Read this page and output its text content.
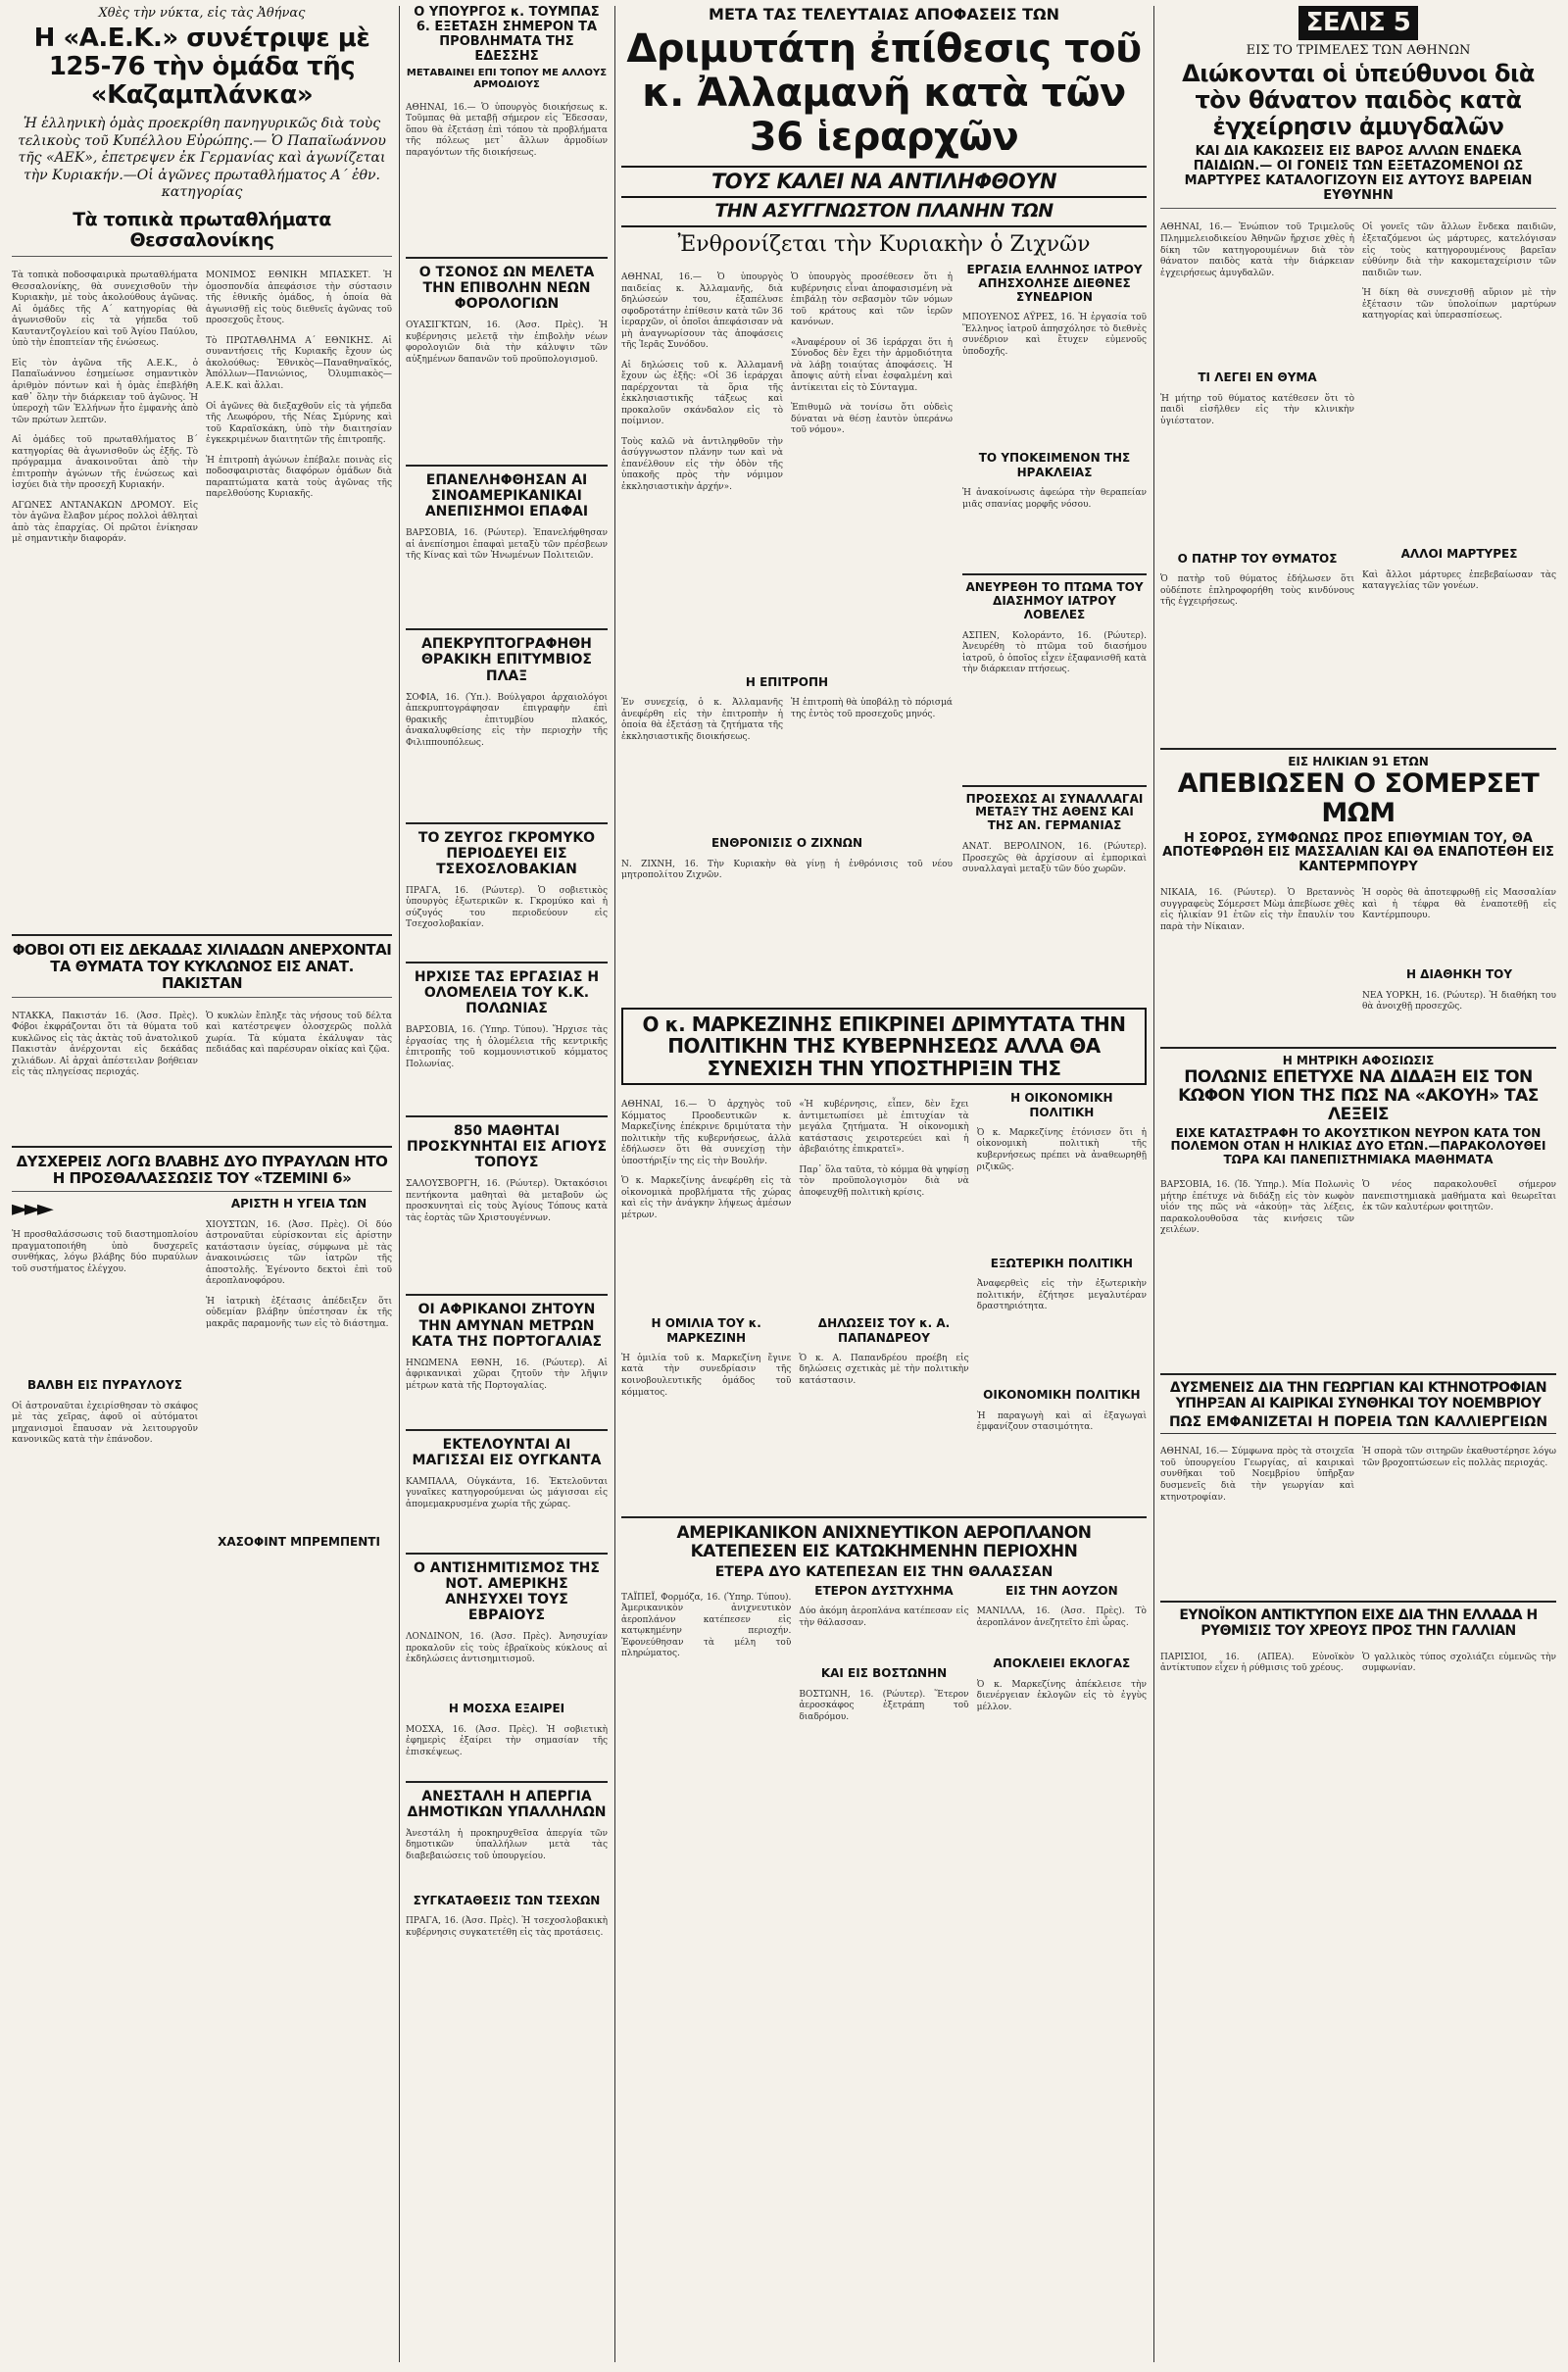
Χθὲς τὴν νύκτα, εἰς τὰς Ἀθήνας
Η «Α.Ε.Κ.» συνέτριψε μὲ 125-76 τὴν ὁμάδα τῆς «Καζαμπλάνκα»
Ἡ ἑλληνικὴ ὁμὰς προεκρίθη πανηγυρικῶς διὰ τοὺς τελικοὺς τοῦ Κυπέλλου Εὐρώπης.— Ὁ Παπαϊωάννου τῆς «ΑΕΚ», ἐπετρεψεν ἐκ Γερμανίας καὶ ἀγωνίζεται τὴν Κυριακήν.—Οἱ ἀγῶνες πρωταθλήματος Α΄ ἐθν. κατηγορίας
Τὰ τοπικὰ πρωταθλήματα Θεσσαλονίκης

Τὰ τοπικὰ ποδοσφαιρικὰ πρωταθλήματα Θεσσαλονίκης, θὰ συνεχισθοῦν τὴν Κυριακὴν, μὲ τοὺς ἀκολούθους ἀγῶνας. Αἱ ὁμάδες τῆς Α΄ κατηγορίας θὰ ἀγωνισθοῦν εἰς τὰ γήπεδα τοῦ Καυταντζογλείου καὶ τοῦ Ἁγίου Παύλου, ὑπὸ τὴν ἐποπτείαν τῆς ἐνώσεως.

Εἰς τὸν ἀγῶνα τῆς Α.Ε.Κ., ὁ Παπαϊωάννου ἐσημείωσε σημαντικὸν ἀριθμὸν πόντων καὶ ἡ ὁμὰς ἐπεβλήθη καθ᾿ ὅλην τὴν διάρκειαν τοῦ ἀγῶνος. Ἡ ὑπεροχὴ τῶν Ἑλλήνων ἦτο ἐμφανὴς ἀπὸ τῶν πρώτων λεπτῶν.

Αἱ ὁμάδες τοῦ πρωταθλήματος Β΄ κατηγορίας θὰ ἀγωνισθοῦν ὡς ἑξῆς. Τὸ πρόγραμμα ἀνακοινοῦται ἀπὸ τὴν ἐπιτροπὴν ἀγώνων τῆς ἐνώσεως καὶ ἰσχύει διὰ τὴν προσεχῆ Κυριακήν.

ΑΓΩΝΕΣ ΑΝΤΑΝΑΚΩΝ ΔΡΟΜΟΥ. Εἰς τὸν ἀγῶνα ἔλαβον μέρος πολλοὶ ἀθληταὶ ἀπὸ τὰς ἐπαρχίας. Οἱ πρῶτοι ἐνίκησαν μὲ σημαντικὴν διαφοράν.

ΜΟΝΙΜΟΣ ΕΘΝΙΚΗ ΜΠΑΣΚΕΤ. Ἡ ὁμοσπονδία ἀπεφάσισε τὴν σύστασιν τῆς ἐθνικῆς ὁμάδος, ἡ ὁποία θὰ ἀγωνισθῇ εἰς τοὺς διεθνεῖς ἀγῶνας τοῦ προσεχοῦς ἔτους.

Τὸ ΠΡΩΤΑΘΛΗΜΑ Α΄ ΕΘΝΙΚΗΣ. Αἱ συναντήσεις τῆς Κυριακῆς ἔχουν ὡς ἀκολούθως: Ἐθνικὸς—Παναθηναϊκός, Ἀπόλλων—Πανιώνιος, Ὀλυμπιακὸς—Α.Ε.Κ. καὶ ἄλλαι.

Οἱ ἀγῶνες θὰ διεξαχθοῦν εἰς τὰ γήπεδα τῆς Λεωφόρου, τῆς Νέας Σμύρνης καὶ τοῦ Καραϊσκάκη, ὑπὸ τὴν διαιτησίαν ἐγκεκριμένων διαιτητῶν τῆς ἐπιτροπῆς.

Ἡ ἐπιτροπὴ ἀγώνων ἐπέβαλε ποινὰς εἰς ποδοσφαιριστὰς διαφόρων ὁμάδων διὰ παραπτώματα κατὰ τοὺς ἀγῶνας τῆς παρελθούσης Κυριακῆς.

ΦΟΒΟΙ ΟΤΙ ΕΙΣ ΔΕΚΑΔΑΣ ΧΙΛΙΑΔΩΝ ΑΝΕΡΧΟΝΤΑΙ ΤΑ ΘΥΜΑΤΑ ΤΟΥ ΚΥΚΛΩΝΟΣ ΕΙΣ ΑΝΑΤ. ΠΑΚΙΣΤΑΝ

ΝΤΑΚΚΑ, Πακιστάν 16. (Ἀσσ. Πρὲς). Φόβοι ἐκφράζονται ὅτι τὰ θύματα τοῦ κυκλῶνος εἰς τὰς ἀκτὰς τοῦ ἀνατολικοῦ Πακιστὰν ἀνέρχονται εἰς δεκάδας χιλιάδων. Αἱ ἀρχαὶ ἀπέστειλαν βοήθειαν εἰς τὰς πληγείσας περιοχάς.

Ὁ κυκλὼν ἔπληξε τὰς νήσους τοῦ δέλτα καὶ κατέστρεψεν ὁλοσχερῶς πολλὰ χωρία. Τὰ κύματα ἐκάλυψαν τὰς πεδιάδας καὶ παρέσυραν οἰκίας καὶ ζῷα.

ΔΥΣΧΕΡΕΙΣ ΛΟΓΩ ΒΛΑΒΗΣ ΔΥΟ ΠΥΡΑΥΛΩΝ ΗΤΟ Η ΠΡΟΣΘΑΛΑΣΣΩΣΙΣ ΤΟΥ «ΤΖΕΜΙΝΙ 6»
►►►

Ἡ προσθαλάσσωσις τοῦ διαστημοπλοίου πραγματοποιήθη ὑπὸ δυσχερεῖς συνθήκας, λόγω βλάβης δύο πυραύλων τοῦ συστήματος ἐλέγχου.

ΒΑΛΒΗ ΕΙΣ ΠΥΡΑΥΛΟΥΣ

Οἱ ἀστροναῦται ἐχειρίσθησαν τὸ σκάφος μὲ τὰς χεῖρας, ἀφοῦ οἱ αὐτόματοι μηχανισμοὶ ἔπαυσαν νὰ λειτουργοῦν κανονικῶς κατὰ τὴν ἐπάνοδον.

ΑΡΙΣΤΗ Η ΥΓΕΙΑ ΤΩΝ

ΧΙΟΥΣΤΩΝ, 16. (Ἀσσ. Πρὲς). Οἱ δύο ἀστροναῦται εὑρίσκονται εἰς ἀρίστην κατάστασιν ὑγείας, σύμφωνα μὲ τὰς ἀνακοινώσεις τῶν ἰατρῶν τῆς ἀποστολῆς. Ἐγένοντο δεκτοὶ ἐπὶ τοῦ ἀεροπλανοφόρου.

Ἡ ἰατρικὴ ἐξέτασις ἀπέδειξεν ὅτι οὐδεμίαν βλάβην ὑπέστησαν ἐκ τῆς μακρᾶς παραμονῆς των εἰς τὸ διάστημα.

ΧΑΣΟΦΙΝΤ ΜΠΡΕΜΠΕΝΤΙ
Ο ΥΠΟΥΡΓΟΣ κ. ΤΟΥΜΠΑΣ 6. ΕΞΕΤΑΣΗ ΣΗΜΕΡΟΝ ΤΑ ΠΡΟΒΛΗΜΑΤΑ ΤΗΣ ΕΔΕΣΣΗΣ
ΜΕΤΑΒΑΙΝΕΙ ΕΠΙ ΤΟΠΟΥ ΜΕ ΑΛΛΟΥΣ ΑΡΜΟΔΙΟΥΣ

ΑΘΗΝΑΙ, 16.— Ὁ ὑπουργὸς διοικήσεως κ. Τοῦμπας θὰ μεταβῇ σήμερον εἰς Ἔδεσσαν, ὅπου θὰ ἐξετάσῃ ἐπὶ τόπου τὰ προβλήματα τῆς πόλεως μετ᾿ ἄλλων ἁρμοδίων παραγόντων τῆς διοικήσεως.

Ο ΤΣΟΝΟΣ ΩΝ ΜΕΛΕΤΑ ΤΗΝ ΕΠΙΒΟΛΗΝ ΝΕΩΝ ΦΟΡΟΛΟΓΙΩΝ

ΟΥΑΣΙΓΚΤΩΝ, 16. (Ἀσσ. Πρὲς). Ἡ κυβέρνησις μελετᾷ τὴν ἐπιβολὴν νέων φορολογιῶν διὰ τὴν κάλυψιν τῶν αὐξημένων δαπανῶν τοῦ προϋπολογισμοῦ.

ΕΠΑΝΕΛΗΦΘΗΣΑΝ ΑΙ ΣΙΝΟΑΜΕΡΙΚΑΝΙΚΑΙ ΑΝΕΠΙΣΗΜΟΙ ΕΠΑΦΑΙ

ΒΑΡΣΟΒΙΑ, 16. (Ρώυτερ). Ἐπανελήφθησαν αἱ ἀνεπίσημοι ἐπαφαὶ μεταξὺ τῶν πρέσβεων τῆς Κίνας καὶ τῶν Ἡνωμένων Πολιτειῶν.

ΑΠΕΚΡΥΠΤΟΓΡΑΦΗΘΗ ΘΡΑΚΙΚΗ ΕΠΙΤΥΜΒΙΟΣ ΠΛΑΞ

ΣΟΦΙΑ, 16. (Ὑπ.). Βούλγαροι ἀρχαιολόγοι ἀπεκρυπτογράφησαν ἐπιγραφὴν ἐπὶ θρακικῆς ἐπιτυμβίου πλακός, ἀνακαλυφθείσης εἰς τὴν περιοχὴν τῆς Φιλιππουπόλεως.

ΤΟ ΖΕΥΓΟΣ ΓΚΡΟΜΥΚΟ ΠΕΡΙΟΔΕΥΕΙ ΕΙΣ ΤΣΕΧΟΣΛΟΒΑΚΙΑΝ

ΠΡΑΓΑ, 16. (Ρώυτερ). Ὁ σοβιετικὸς ὑπουργὸς ἐξωτερικῶν κ. Γκρομύκο καὶ ἡ σύζυγός του περιοδεύουν εἰς Τσεχοσλοβακίαν.

ΗΡΧΙΣΕ ΤΑΣ ΕΡΓΑΣΙΑΣ Η ΟΛΟΜΕΛΕΙΑ ΤΟΥ Κ.Κ. ΠΟΛΩΝΙΑΣ

ΒΑΡΣΟΒΙΑ, 16. (Ὑπηρ. Τύπου). Ἤρχισε τὰς ἐργασίας της ἡ ὁλομέλεια τῆς κεντρικῆς ἐπιτροπῆς τοῦ κομμουνιστικοῦ κόμματος Πολωνίας.

850 ΜΑΘΗΤΑΙ ΠΡΟΣΚΥΝΗΤΑΙ ΕΙΣ ΑΓΙΟΥΣ ΤΟΠΟΥΣ

ΣΑΛΟΥΣΒΟΡΓΗ, 16. (Ρώυτερ). Ὀκτακόσιοι πεντήκοντα μαθηταὶ θὰ μεταβοῦν ὡς προσκυνηταὶ εἰς τοὺς Ἁγίους Τόπους κατὰ τὰς ἑορτὰς τῶν Χριστουγέννων.

ΟΙ ΑΦΡΙΚΑΝΟΙ ΖΗΤΟΥΝ ΤΗΝ ΑΜΥΝΑΝ ΜΕΤΡΩΝ ΚΑΤΑ ΤΗΣ ΠΟΡΤΟΓΑΛΙΑΣ

ΗΝΩΜΕΝΑ ΕΘΝΗ, 16. (Ρώυτερ). Αἱ ἀφρικανικαὶ χῶραι ζητοῦν τὴν λῆψιν μέτρων κατὰ τῆς Πορτογαλίας.

ΕΚΤΕΛΟΥΝΤΑΙ ΑΙ ΜΑΓΙΣΣΑΙ ΕΙΣ ΟΥΓΚΑΝΤΑ

ΚΑΜΠΑΛΑ, Οὐγκάντα, 16. Ἐκτελοῦνται γυναῖκες κατηγορούμεναι ὡς μάγισσαι εἰς ἀπομεμακρυσμένα χωρία τῆς χώρας.

Ο ΑΝΤΙΣΗΜΙΤΙΣΜΟΣ ΤΗΣ ΝΟΤ. ΑΜΕΡΙΚΗΣ ΑΝΗΣΥΧΕΙ ΤΟΥΣ ΕΒΡΑΙΟΥΣ

ΛΟΝΔΙΝΟΝ, 16. (Ἀσσ. Πρὲς). Ἀνησυχίαν προκαλοῦν εἰς τοὺς ἑβραϊκοὺς κύκλους αἱ ἐκδηλώσεις ἀντισημιτισμοῦ.

Η ΜΟΣΧΑ ΕΞΑΙΡΕΙ

ΜΟΣΧΑ, 16. (Ἀσσ. Πρὲς). Ἡ σοβιετικὴ ἐφημερὶς ἐξαίρει τὴν σημασίαν τῆς ἐπισκέψεως.

ΑΝΕΣΤΑΛΗ Η ΑΠΕΡΓΙΑ ΔΗΜΟΤΙΚΩΝ ΥΠΑΛΛΗΛΩΝ

Ἀνεστάλη ἡ προκηρυχθεῖσα ἀπεργία τῶν δημοτικῶν ὑπαλλήλων μετὰ τὰς διαβεβαιώσεις τοῦ ὑπουργείου.

ΣΥΓΚΑΤΑΘΕΣΙΣ ΤΩΝ ΤΣΕΧΩΝ

ΠΡΑΓΑ, 16. (Ἀσσ. Πρὲς). Ἡ τσεχοσλοβακικὴ κυβέρνησις συγκατετέθη εἰς τὰς προτάσεις.

ΜΕΤΑ ΤΑΣ ΤΕΛΕΥΤΑΙΑΣ ΑΠΟΦΑΣΕΙΣ ΤΩΝ
Δριμυτάτη ἐπίθεσις τοῦ κ. Ἀλλαμανῆ κατὰ τῶν 36 ἱεραρχῶν
ΤΟΥΣ ΚΑΛΕΙ ΝΑ ΑΝΤΙΛΗΦΘΟΥΝ
ΤΗΝ ΑΣΥΓΓΝΩΣΤΟΝ ΠΛΑΝΗΝ ΤΩΝ
Ἐνθρονίζεται τὴν Κυριακὴν ὁ Ζιχνῶν

ΑΘΗΝΑΙ, 16.— Ὁ ὑπουργὸς παιδείας κ. Ἀλλαμανῆς, διὰ δηλώσεών του, ἐξαπέλυσε σφοδροτάτην ἐπίθεσιν κατὰ τῶν 36 ἱεραρχῶν, οἱ ὁποῖοι ἀπεφάσισαν νὰ μὴ ἀναγνωρίσουν τὰς ἀποφάσεις τῆς Ἱερᾶς Συνόδου.

Αἱ δηλώσεις τοῦ κ. Ἀλλαμανῆ ἔχουν ὡς ἑξῆς: «Οἱ 36 ἱεράρχαι παρέρχονται τὰ ὅρια τῆς ἐκκλησιαστικῆς τάξεως καὶ προκαλοῦν σκάνδαλον εἰς τὸ ποίμνιον.

Τοὺς καλῶ νὰ ἀντιληφθοῦν τὴν ἀσύγγνωστον πλάνην των καὶ νὰ ἐπανέλθουν εἰς τὴν ὁδὸν τῆς ὑπακοῆς πρὸς τὴν νόμιμον ἐκκλησιαστικὴν ἀρχήν».

Ὁ ὑπουργὸς προσέθεσεν ὅτι ἡ κυβέρνησις εἶναι ἀποφασισμένη νὰ ἐπιβάλῃ τὸν σεβασμὸν τῶν νόμων τοῦ κράτους καὶ τῶν ἱερῶν κανόνων.

«Ἀναφέρουν οἱ 36 ἱεράρχαι ὅτι ἡ Σύνοδος δὲν ἔχει τὴν ἁρμοδιότητα νὰ λάβῃ τοιαύτας ἀποφάσεις. Ἡ ἄποψις αὐτὴ εἶναι ἐσφαλμένη καὶ ἀντίκειται εἰς τὸ Σύνταγμα.

Ἐπιθυμῶ νὰ τονίσω ὅτι οὐδεὶς δύναται νὰ θέσῃ ἑαυτὸν ὑπεράνω τοῦ νόμου».

Η ΕΠΙΤΡΟΠΗ

Ἐν συνεχείᾳ, ὁ κ. Ἀλλαμανῆς ἀνεφέρθη εἰς τὴν ἐπιτροπὴν ἡ ὁποία θὰ ἐξετάσῃ τὰ ζητήματα τῆς ἐκκλησιαστικῆς διοικήσεως.

Ἡ ἐπιτροπὴ θὰ ὑποβάλῃ τὸ πόρισμά της ἐντὸς τοῦ προσεχοῦς μηνός.

ΕΝΘΡΟΝΙΣΙΣ Ο ΖΙΧΝΩΝ

Ν. ΖΙΧΝΗ, 16. Τὴν Κυριακὴν θὰ γίνῃ ἡ ἐνθρόνισις τοῦ νέου μητροπολίτου Ζιχνῶν.

ΕΡΓΑΣΙΑ ΕΛΛΗΝΟΣ ΙΑΤΡΟΥ ΑΠΗΣΧΟΛΗΣΕ ΔΙΕΘΝΕΣ ΣΥΝΕΔΡΙΟΝ

ΜΠΟΥΕΝΟΣ ΑΫΡΕΣ, 16. Ἡ ἐργασία τοῦ Ἕλληνος ἰατροῦ ἀπησχόλησε τὸ διεθνὲς συνέδριον καὶ ἔτυχεν εὐμενοῦς ὑποδοχῆς.

ΤΟ ΥΠΟΚΕΙΜΕΝΟΝ ΤΗΣ ΗΡΑΚΛΕΙΑΣ

Ἡ ἀνακοίνωσις ἀφεώρα τὴν θεραπείαν μιᾶς σπανίας μορφῆς νόσου.

ΑΝΕΥΡΕΘΗ ΤΟ ΠΤΩΜΑ ΤΟΥ ΔΙΑΣΗΜΟΥ ΙΑΤΡΟΥ ΛΟΒΕΛΕΣ

ΑΣΠΕΝ, Κολοράντο, 16. (Ρώυτερ). Ἀνευρέθη τὸ πτῶμα τοῦ διασήμου ἰατροῦ, ὁ ὁποῖος εἶχεν ἐξαφανισθῆ κατὰ τὴν διάρκειαν πτήσεως.

ΠΡΟΣΕΧΩΣ ΑΙ ΣΥΝΑΛΛΑΓΑΙ ΜΕΤΑΞΥ ΤΗΣ ΑΘΕΝΣ ΚΑΙ ΤΗΣ ΑΝ. ΓΕΡΜΑΝΙΑΣ

ΑΝΑΤ. ΒΕΡΟΛΙΝΟΝ, 16. (Ρώυτερ). Προσεχῶς θὰ ἀρχίσουν αἱ ἐμπορικαὶ συναλλαγαὶ μεταξὺ τῶν δύο χωρῶν.

Ο κ. ΜΑΡΚΕΖΙΝΗΣ ΕΠΙΚΡΙΝΕΙ ΔΡΙΜΥΤΑΤΑ ΤΗΝ ΠΟΛΙΤΙΚΗΝ ΤΗΣ ΚΥΒΕΡΝΗΣΕΩΣ ΑΛΛΑ ΘΑ ΣΥΝΕΧΙΣΗ ΤΗΝ ΥΠΟΣΤΗΡΙΞΙΝ ΤΗΣ

ΑΘΗΝΑΙ, 16.— Ὁ ἀρχηγὸς τοῦ Κόμματος Προοδευτικῶν κ. Μαρκεζίνης ἐπέκρινε δριμύτατα τὴν πολιτικὴν τῆς κυβερνήσεως, ἀλλὰ ἐδήλωσεν ὅτι θὰ συνεχίσῃ τὴν ὑποστήριξίν της εἰς τὴν Βουλήν.

Ὁ κ. Μαρκεζίνης ἀνεφέρθη εἰς τὰ οἰκονομικὰ προβλήματα τῆς χώρας καὶ εἰς τὴν ἀνάγκην λήψεως ἀμέσων μέτρων.

Η ΟΜΙΛΙΑ ΤΟΥ κ. ΜΑΡΚΕΖΙΝΗ

Ἡ ὁμιλία τοῦ κ. Μαρκεζίνη ἔγινε κατὰ τὴν συνεδρίασιν τῆς κοινοβουλευτικῆς ὁμάδος τοῦ κόμματος.

«Ἡ κυβέρνησις, εἶπεν, δὲν ἔχει ἀντιμετωπίσει μὲ ἐπιτυχίαν τὰ μεγάλα ζητήματα. Ἡ οἰκονομικὴ κατάστασις χειροτερεύει καὶ ἡ ἀβεβαιότης ἐπικρατεῖ».

Παρ᾿ ὅλα ταῦτα, τὸ κόμμα θὰ ψηφίσῃ τὸν προϋπολογισμὸν διὰ νὰ ἀποφευχθῇ πολιτικὴ κρίσις.

ΔΗΛΩΣΕΙΣ ΤΟΥ κ. Α. ΠΑΠΑΝΔΡΕΟΥ

Ὁ κ. Α. Παπανδρέου προέβη εἰς δηλώσεις σχετικὰς μὲ τὴν πολιτικὴν κατάστασιν.

Η ΟΙΚΟΝΟΜΙΚΗ ΠΟΛΙΤΙΚΗ

Ὁ κ. Μαρκεζίνης ἐτόνισεν ὅτι ἡ οἰκονομικὴ πολιτικὴ τῆς κυβερνήσεως πρέπει νὰ ἀναθεωρηθῇ ριζικῶς.

ΕΞΩΤΕΡΙΚΗ ΠΟΛΙΤΙΚΗ

Ἀναφερθεὶς εἰς τὴν ἐξωτερικὴν πολιτικήν, ἐζήτησε μεγαλυτέραν δραστηριότητα.

ΟΙΚΟΝΟΜΙΚΗ ΠΟΛΙΤΙΚΗ

Ἡ παραγωγὴ καὶ αἱ ἐξαγωγαὶ ἐμφανίζουν στασιμότητα.

ΑΜΕΡΙΚΑΝΙΚΟΝ ΑΝΙΧΝΕΥΤΙΚΟΝ ΑΕΡΟΠΛΑΝΟΝ ΚΑΤΕΠΕΣΕΝ ΕΙΣ ΚΑΤΩΚΗΜΕΝΗΝ ΠΕΡΙΟΧΗΝ
ΕΤΕΡΑ ΔΥΟ ΚΑΤΕΠΕΣΑΝ ΕΙΣ ΤΗΝ ΘΑΛΑΣΣΑΝ

ΤΑΪΠΕΪ, Φορμόζα, 16. (Ὑπηρ. Τύπου). Ἀμερικανικὸν ἀνιχνευτικὸν ἀεροπλάνον κατέπεσεν εἰς κατῳκημένην περιοχήν. Ἐφονεύθησαν τὰ μέλη τοῦ πληρώματος.

ΕΤΕΡΟΝ ΔΥΣΤΥΧΗΜΑ

Δύο ἀκόμη ἀεροπλάνα κατέπεσαν εἰς τὴν θάλασσαν.

ΚΑΙ ΕΙΣ ΒΟΣΤΩΝΗΝ

ΒΟΣΤΩΝΗ, 16. (Ρώυτερ). Ἕτερον ἀεροσκάφος ἐξετράπη τοῦ διαδρόμου.

ΕΙΣ ΤΗΝ ΑΟΥΖΟΝ

ΜΑΝΙΛΛΑ, 16. (Ἀσσ. Πρὲς). Τὸ ἀεροπλάνον ἀνεζητεῖτο ἐπὶ ὧρας.

ΑΠΟΚΛΕΙΕΙ ΕΚΛΟΓΑΣ

Ὁ κ. Μαρκεζίνης ἀπέκλεισε τὴν διενέργειαν ἐκλογῶν εἰς τὸ ἐγγὺς μέλλον.

ΣΕΛΙΣ 5
ΕΙΣ ΤΟ ΤΡΙΜΕΛΕΣ ΤΩΝ ΑΘΗΝΩΝ
Διώκονται οἱ ὑπεύθυνοι διὰ τὸν θάνατον παιδὸς κατὰ ἐγχείρησιν ἀμυγδαλῶν
ΚΑΙ ΔΙΑ ΚΑΚΩΣΕΙΣ ΕΙΣ ΒΑΡΟΣ ΑΛΛΩΝ ΕΝΔΕΚΑ ΠΑΙΔΙΩΝ.— ΟΙ ΓΟΝΕΙΣ ΤΩΝ ΕΞΕΤΑΖΟΜΕΝΟΙ ΩΣ ΜΑΡΤΥΡΕΣ ΚΑΤΑΛΟΓΙΖΟΥΝ ΕΙΣ ΑΥΤΟΥΣ ΒΑΡΕΙΑΝ ΕΥΘΥΝΗΝ

ΑΘΗΝΑΙ, 16.— Ἐνώπιον τοῦ Τριμελοῦς Πλημμελειοδικείου Ἀθηνῶν ἤρχισε χθὲς ἡ δίκη τῶν κατηγορουμένων διὰ τὸν θάνατον παιδὸς κατὰ τὴν διάρκειαν ἐγχειρήσεως ἀμυγδαλῶν.

ΤΙ ΛΕΓΕΙ ΕΝ ΘΥΜΑ

Ἡ μήτηρ τοῦ θύματος κατέθεσεν ὅτι τὸ παιδὶ εἰσῆλθεν εἰς τὴν κλινικὴν ὑγιέστατον.

Ο ΠΑΤΗΡ ΤΟΥ ΘΥΜΑΤΟΣ

Ὁ πατὴρ τοῦ θύματος ἐδήλωσεν ὅτι οὐδέποτε ἐπληροφορήθη τοὺς κινδύνους τῆς ἐγχειρήσεως.

Οἱ γονεῖς τῶν ἄλλων ἕνδεκα παιδιῶν, ἐξεταζόμενοι ὡς μάρτυρες, κατελόγισαν εἰς τοὺς κατηγορουμένους βαρεῖαν εὐθύνην διὰ τὴν κακομεταχείρισιν τῶν παιδιῶν των.

Ἡ δίκη θὰ συνεχισθῇ αὔριον μὲ τὴν ἐξέτασιν τῶν ὑπολοίπων μαρτύρων κατηγορίας καὶ ὑπερασπίσεως.

ΑΛΛΟΙ ΜΑΡΤΥΡΕΣ

Καὶ ἄλλοι μάρτυρες ἐπεβεβαίωσαν τὰς καταγγελίας τῶν γονέων.

ΕΙΣ ΗΛΙΚΙΑΝ 91 ΕΤΩΝ
ΑΠΕΒΙΩΣΕΝ Ο ΣΟΜΕΡΣΕΤ ΜΩΜ
Η ΣΟΡΟΣ, ΣΥΜΦΩΝΩΣ ΠΡΟΣ ΕΠΙΘΥΜΙΑΝ ΤΟΥ, ΘΑ ΑΠΟΤΕΦΡΩΘΗ ΕΙΣ ΜΑΣΣΑΛΙΑΝ ΚΑΙ ΘΑ ΕΝΑΠΟΤΕΘΗ ΕΙΣ ΚΑΝΤΕΡΜΠΟΥΡΥ

ΝΙΚΑΙΑ, 16. (Ρώυτερ). Ὁ Βρεταννὸς συγγραφεὺς Σόμερσετ Μὼμ ἀπεβίωσε χθὲς εἰς ἡλικίαν 91 ἐτῶν εἰς τὴν ἔπαυλίν του παρὰ τὴν Νίκαιαν.

Ἡ σορὸς θὰ ἀποτεφρωθῇ εἰς Μασσαλίαν καὶ ἡ τέφρα θὰ ἐναποτεθῇ εἰς Καντέρμπουρυ.

Η ΔΙΑΘΗΚΗ ΤΟΥ

ΝΕΑ ΥΟΡΚΗ, 16. (Ρώυτερ). Ἡ διαθήκη του θὰ ἀνοιχθῇ προσεχῶς.

Η ΜΗΤΡΙΚΗ ΑΦΟΣΙΩΣΙΣ
ΠΟΛΩΝΙΣ ΕΠΕΤΥΧΕ ΝΑ ΔΙΔΑΞΗ ΕΙΣ ΤΟΝ ΚΩΦΟΝ ΥΙΟΝ ΤΗΣ ΠΩΣ ΝΑ «ΑΚΟΥΗ» ΤΑΣ ΛΕΞΕΙΣ
ΕΙΧΕ ΚΑΤΑΣΤΡΑΦΗ ΤΟ ΑΚΟΥΣΤΙΚΟΝ ΝΕΥΡΟΝ ΚΑΤΑ ΤΟΝ ΠΟΛΕΜΟΝ ΟΤΑΝ Η ΗΛΙΚΙΑΣ ΔΥΟ ΕΤΩΝ.—ΠΑΡΑΚΟΛΟΥΘΕΙ ΤΩΡΑ ΚΑΙ ΠΑΝΕΠΙΣΤΗΜΙΑΚΑ ΜΑΘΗΜΑΤΑ

ΒΑΡΣΟΒΙΑ, 16. (Ἰδ. Ὑπηρ.). Μία Πολωνὶς μήτηρ ἐπέτυχε νὰ διδάξῃ εἰς τὸν κωφὸν υἱόν της πῶς νὰ «ἀκούῃ» τὰς λέξεις, παρακολουθοῦσα τὰς κινήσεις τῶν χειλέων.

Ὁ νέος παρακολουθεῖ σήμερον πανεπιστημιακὰ μαθήματα καὶ θεωρεῖται ἐκ τῶν καλυτέρων φοιτητῶν.

ΔΥΣΜΕΝΕΙΣ ΔΙΑ ΤΗΝ ΓΕΩΡΓΙΑΝ ΚΑΙ ΚΤΗΝΟΤΡΟΦΙΑΝ ΥΠΗΡΞΑΝ ΑΙ ΚΑΙΡΙΚΑΙ ΣΥΝΘΗΚΑΙ ΤΟΥ ΝΟΕΜΒΡΙΟΥ
ΠΩΣ ΕΜΦΑΝΙΖΕΤΑΙ Η ΠΟΡΕΙΑ ΤΩΝ ΚΑΛΛΙΕΡΓΕΙΩΝ

ΑΘΗΝΑΙ, 16.— Σύμφωνα πρὸς τὰ στοιχεῖα τοῦ ὑπουργείου Γεωργίας, αἱ καιρικαὶ συνθῆκαι τοῦ Νοεμβρίου ὑπῆρξαν δυσμενεῖς διὰ τὴν γεωργίαν καὶ κτηνοτροφίαν.

Ἡ σπορὰ τῶν σιτηρῶν ἐκαθυστέρησε λόγω τῶν βροχοπτώσεων εἰς πολλὰς περιοχάς.

ΕΥΝΟΪΚΟΝ ΑΝΤΙΚΤΥΠΟΝ ΕΙΧΕ ΔΙΑ ΤΗΝ ΕΛΛΑΔΑ Η ΡΥΘΜΙΣΙΣ ΤΟΥ ΧΡΕΟΥΣ ΠΡΟΣ ΤΗΝ ΓΑΛΛΙΑΝ

ΠΑΡΙΣΙΟΙ, 16. (ΑΠΕΑ). Εὐνοϊκὸν ἀντίκτυπον εἶχεν ἡ ρύθμισις τοῦ χρέους.

Ὁ γαλλικὸς τύπος σχολιάζει εὐμενῶς τὴν συμφωνίαν.
